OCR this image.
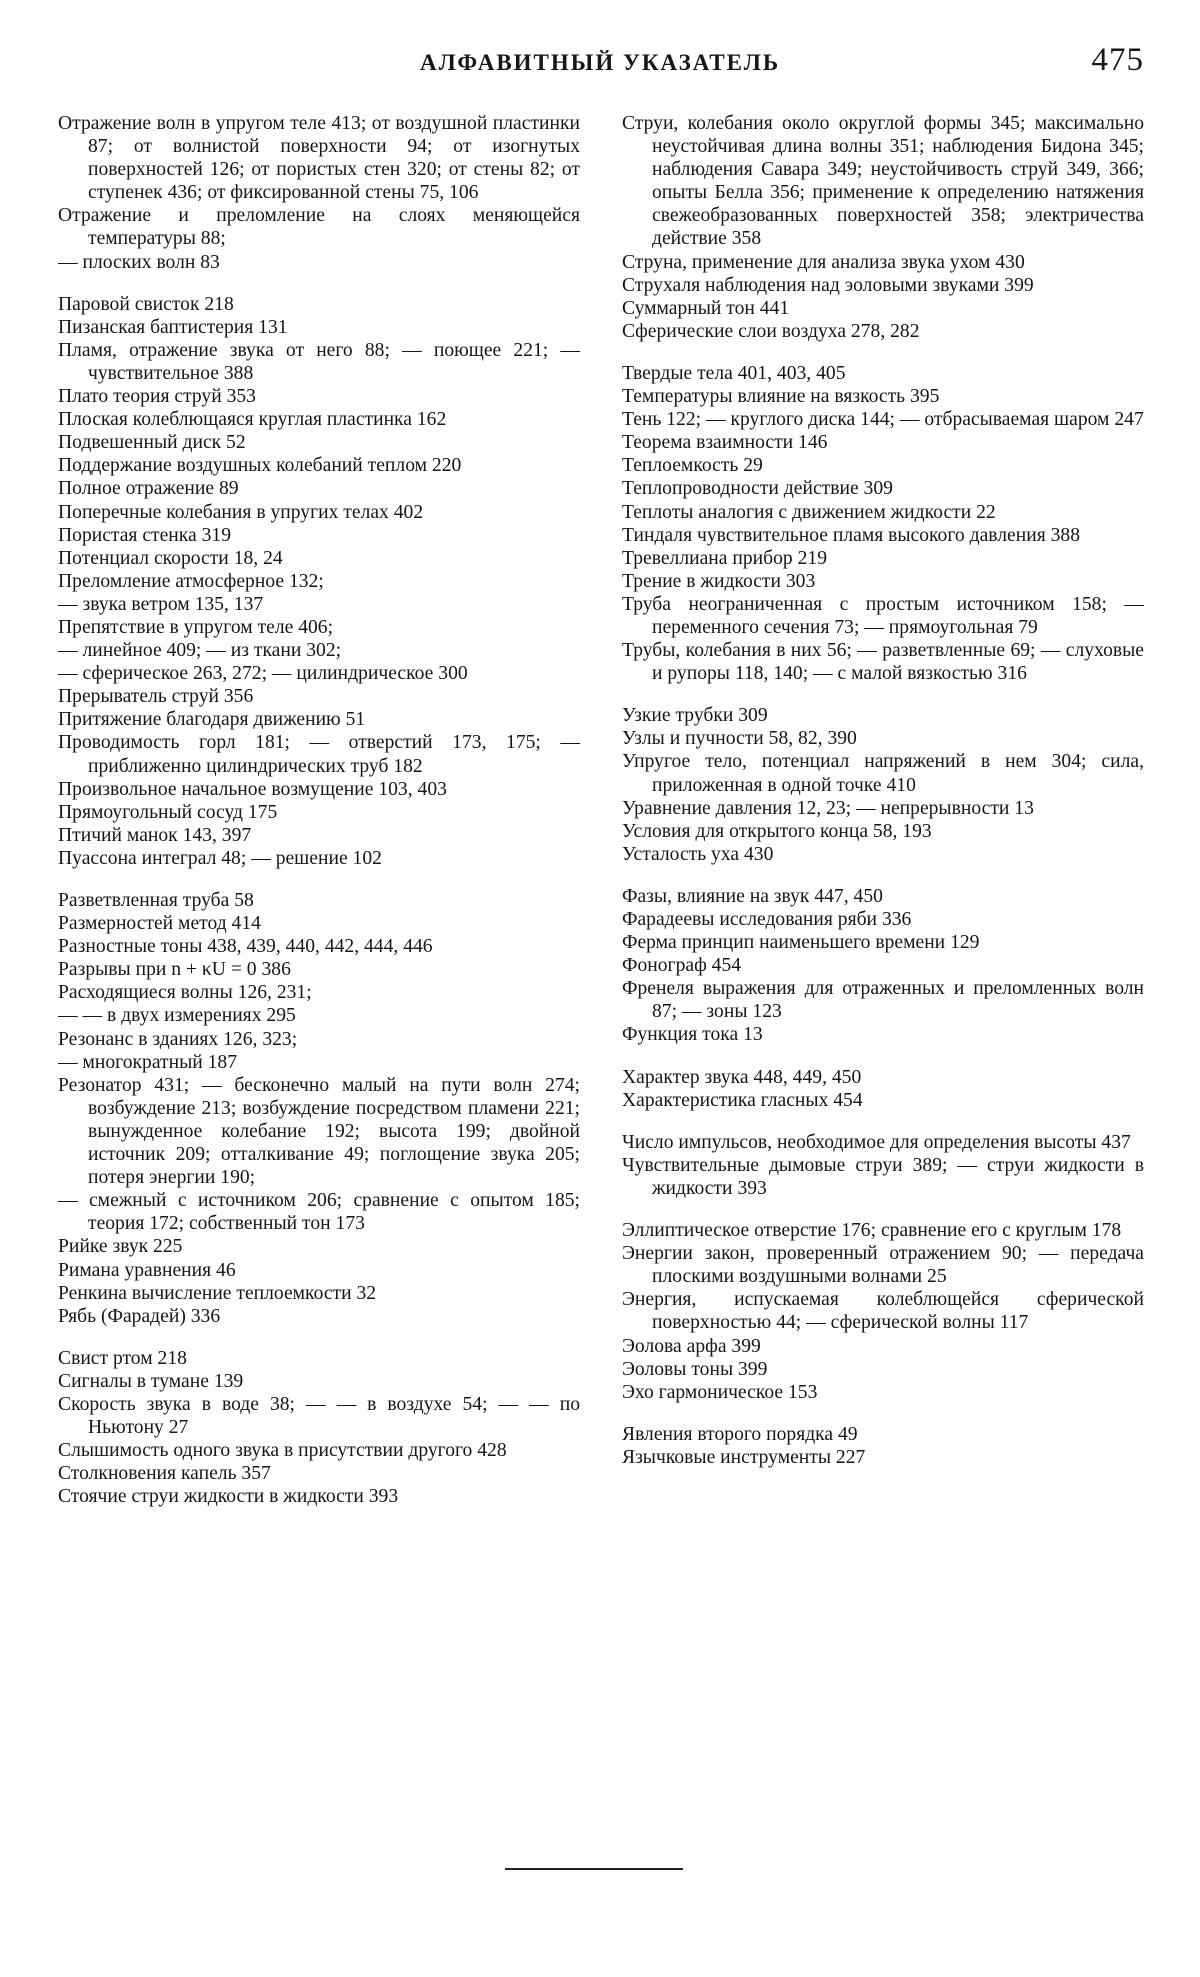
АЛФАВИТНЫЙ УКАЗАТЕЛЬ	475

Отражение волн в упругом теле 413; от воздушной пластинки 87; от волнистой поверхности 94; от изогнутых поверхностей 126; от пористых стен 320; от стены 82; от ступенек 436; от фиксированной стены 75, 106

Отражение и преломление на слоях меняющейся температуры 88;

— плоских волн 83

Паровой свисток 218

Пизанская баптистерия 131

Пламя, отражение звука от него 88; — поющее 221; — чувствительное 388

Плато теория струй 353

Плоская колеблющаяся круглая пластинка 162

Подвешенный диск 52

Поддержание воздушных колебаний теплом 220

Полное отражение 89

Поперечные колебания в упругих телах 402

Пористая стенка 319

Потенциал скорости 18, 24

Преломление атмосферное 132;

— звука ветром 135, 137

Препятствие в упругом теле 406;

— линейное 409; — из ткани 302;

— сферическое 263, 272; — цилиндрическое 300

Прерыватель струй 356

Притяжение благодаря движению 51

Проводимость горл 181; — отверстий 173, 175; — приближенно цилиндрических труб 182

Произвольное начальное возмущение 103, 403

Прямоугольный сосуд 175

Птичий манок 143, 397

Пуассона интеграл 48; — решение 102

Разветвленная труба 58

Размерностей метод 414

Разностные тоны 438, 439, 440, 442, 444, 446

Разрывы при n + κU = 0 386

Расходящиеся волны 126, 231;

— — в двух измерениях 295

Резонанс в зданиях 126, 323;

— многократный 187

Резонатор 431; — бесконечно малый на пути волн 274; возбуждение 213; возбуждение посредством пламени 221; вынужденное колебание 192; высота 199; двойной источник 209; отталкивание 49; поглощение звука 205; потеря энергии 190;

— смежный с источником 206; сравнение с опытом 185; теория 172; собственный тон 173

Рийке звук 225

Римана уравнения 46

Ренкина вычисление теплоемкости 32

Рябь (Фарадей) 336

Свист ртом 218

Сигналы в тумане 139

Скорость звука в воде 38; — — в воздухе 54; — — по Ньютону 27

Слышимость одного звука в присутствии другого 428

Столкновения капель 357

Стоячие струи жидкости в жидкости 393

Струи, колебания около округлой формы 345; максимально неустойчивая длина волны 351; наблюдения Бидона 345; наблюдения Савара 349; неустойчивость струй 349, 366; опыты Белла 356; применение к определению натяжения свежеобразованных поверхностей 358; электричества действие 358

Струна, применение для анализа звука ухом 430

Струхаля наблюдения над эоловыми звуками 399

Суммарный тон 441

Сферические слои воздуха 278, 282

Твердые тела 401, 403, 405

Температуры влияние на вязкость 395

Тень 122; — круглого диска 144; — отбрасываемая шаром 247

Теорема взаимности 146

Теплоемкость 29

Теплопроводности действие 309

Теплоты аналогия с движением жидкости 22

Тиндаля чувствительное пламя высокого давления 388

Тревеллиана прибор 219

Трение в жидкости 303

Труба неограниченная с простым источником 158; — переменного сечения 73; — прямоугольная 79

Трубы, колебания в них 56; — разветвленные 69; — слуховые и рупоры 118, 140; — с малой вязкостью 316

Узкие трубки 309

Узлы и пучности 58, 82, 390

Упругое тело, потенциал напряжений в нем 304; сила, приложенная в одной точке 410

Уравнение давления 12, 23; — непрерывности 13

Условия для открытого конца 58, 193

Усталость уха 430

Фазы, влияние на звук 447, 450

Фарадеевы исследования ряби 336

Ферма принцип наименьшего времени 129

Фонограф 454

Френеля выражения для отраженных и преломленных волн 87; — зоны 123

Функция тока 13

Характер звука 448, 449, 450

Характеристика гласных 454

Число импульсов, необходимое для определения высоты 437

Чувствительные дымовые струи 389; — струи жидкости в жидкости 393

Эллиптическое отверстие 176; сравнение его с круглым 178

Энергии закон, проверенный отражением 90; — передача плоскими воздушными волнами 25

Энергия, испускаемая колеблющейся сферической поверхностью 44; — сферической волны 117

Эолова арфа 399

Эоловы тоны 399

Эхо гармоническое 153

Явления второго порядка 49

Язычковые инструменты 227
